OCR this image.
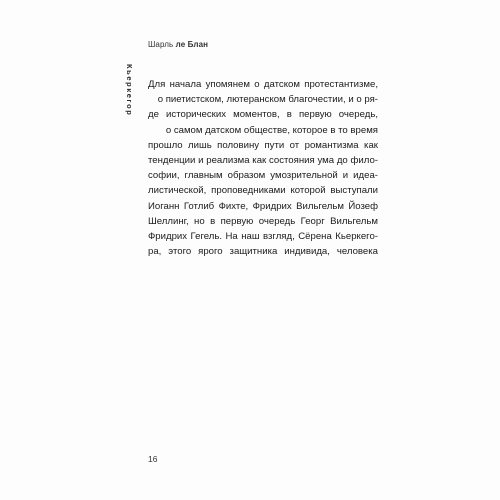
Шарль ле Блан
Кьеркегор Для начала упомянем о датском протестантизме,
о пиетистском, лютеранском благочестии, и о ря-
де исторических моментов, в первую очередь,
о самом датском обществе, которое в то время
прошло лишь половину пути от романтизма как
тенденции и реализма как состояния ума до фило-
софии, главным образом умозрительной и идеа-
листической, проповедниками которой выступали
Иоганн Готлиб Фихте, Фридрих Вильгельм Йозеф
Шеллинг, но в первую очередь Георг Вильгельм
Фридрих Гегель. На наш взгляд, Сёрена Кьеркего-
ра, этого ярого защитника индивида, человека
16
